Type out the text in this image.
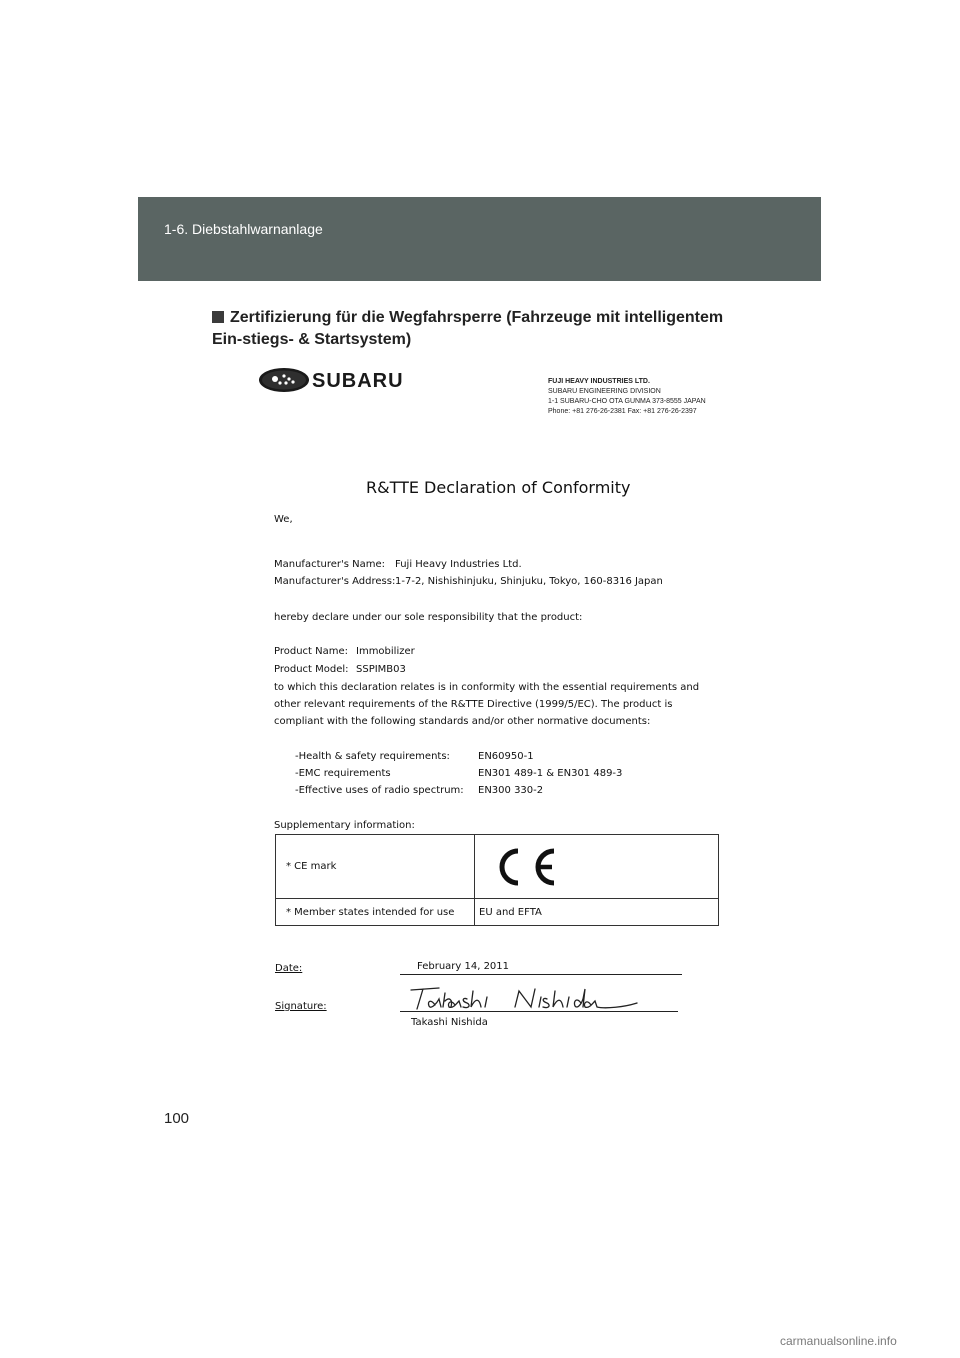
1-6. Diebstahlwarnanlage
Zertifizierung für die Wegfahrsperre (Fahrzeuge mit intelligentem Ein-stiegs- & Startsystem)
SUBARU	FUJI HEAVY INDUSTRIES LTD.
SUBARU ENGINEERING DIVISION
1-1 SUBARU-CHO OTA GUNMA 373-8555 JAPAN
Phone: +81 276-26-2381 Fax: +81 276-26-2397
R&TTE Declaration of Conformity
We,
Manufacturer's Name: Fuji Heavy Industries Ltd.
Manufacturer's Address: 1-7-2, Nishishinjuku, Shinjuku, Tokyo, 160-8316 Japan
hereby declare under our sole responsibility that the product:
Product Name: Immobilizer
Product Model: SSPIMB03
to which this declaration relates is in conformity with the essential requirements and
other relevant requirements of the R&TTE Directive (1999/5/EC). The product is
compliant with the following standards and/or other normative documents:
-Health & safety requirements:	EN60950-1
-EMC requirements	EN301 489-1 & EN301 489-3
-Effective uses of radio spectrum: EN300 330-2
Supplementary information:
* CE mark
* Member states intended for use EU and EFTA
Date:	February 14, 2011
Signature:
Takashi Nishida
100
carmanualsonline.info
